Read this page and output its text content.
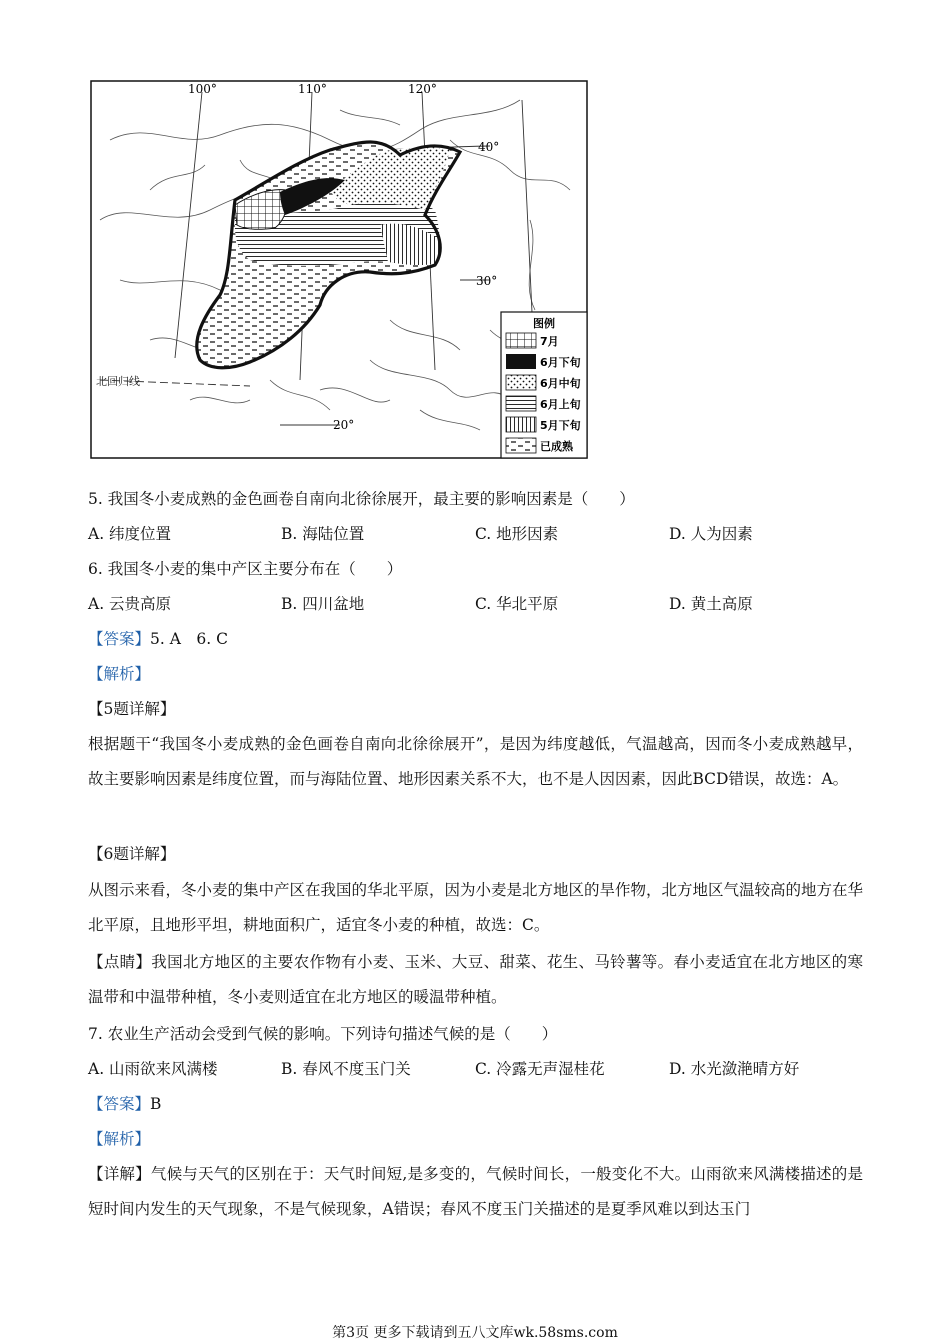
100°	110°	120°
40°
30°
20°
北回归线
图例
7月
6月下旬
6月中旬
6月上旬
5月下旬
已成熟
5. 我国冬小麦成熟的金色画卷自南向北徐徐展开，最主要的影响因素是（　　）
A. 纬度位置	B. 海陆位置	C. 地形因素	D. 人为因素
6. 我国冬小麦的集中产区主要分布在（　　）
A. 云贵高原	B. 四川盆地	C. 华北平原	D. 黄土高原
【答案】5. A　6. C
【解析】
【5题详解】
根据题干“我国冬小麦成熟的金色画卷自南向北徐徐展开”，是因为纬度越低，气温越高，因而冬小麦成熟越早，故主要影响因素是纬度位置，而与海陆位置、地形因素关系不大，也不是人因因素，因此BCD错误，故选：A。
【6题详解】
从图示来看，冬小麦的集中产区在我国的华北平原，因为小麦是北方地区的旱作物，北方地区气温较高的地方在华北平原，且地形平坦，耕地面积广，适宜冬小麦的种植，故选：C。
【点睛】我国北方地区的主要农作物有小麦、玉米、大豆、甜菜、花生、马铃薯等。春小麦适宜在北方地区的寒温带和中温带种植，冬小麦则适宜在北方地区的暖温带种植。
7. 农业生产活动会受到气候的影响。下列诗句描述气候的是（　　）
A. 山雨欲来风满楼	B. 春风不度玉门关	C. 冷露无声湿桂花	D. 水光潋滟晴方好
【答案】B
【解析】
【详解】气候与天气的区别在于：天气时间短,是多变的，气候时间长，一般变化不大。山雨欲来风满楼描述的是短时间内发生的天气现象，不是气候现象，A错误；春风不度玉门关描述的是夏季风难以到达玉门
第3页 更多下载请到五八文库wk.58sms.com
